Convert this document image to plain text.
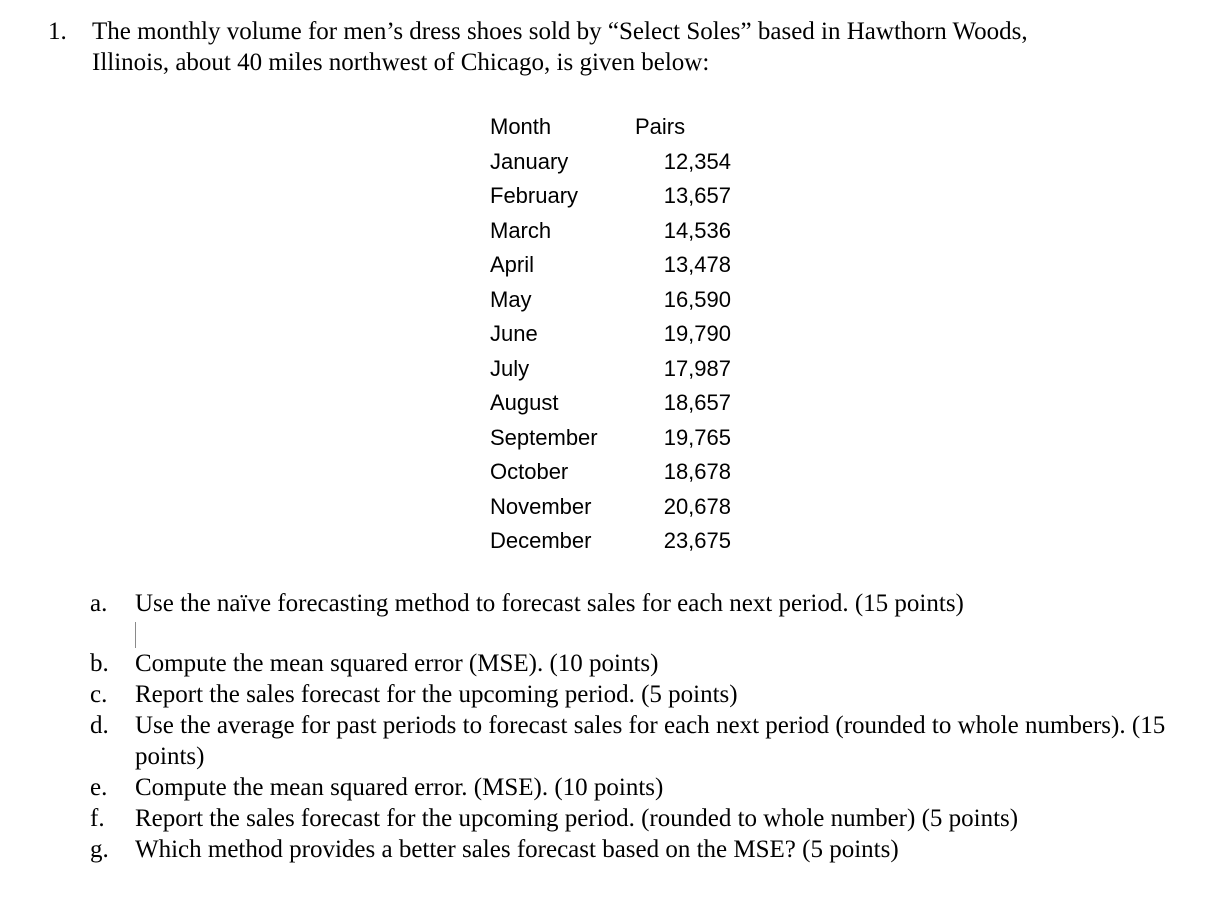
1. The monthly volume for men’s dress shoes sold by “Select Soles” based in Hawthorn Woods,
Illinois, about 40 miles northwest of Chicago, is given below:
Month	Pairs
January	12,354
February	13,657
March	14,536
April	13,478
May	16,590
June	19,790
July	17,987
August	18,657
September	19,765
October	18,678
November	20,678
December	23,675
a. Use the naïve forecasting method to forecast sales for each next period. (15 points)
b. Compute the mean squared error (MSE). (10 points)
c. Report the sales forecast for the upcoming period. (5 points)
d. Use the average for past periods to forecast sales for each next period (rounded to whole numbers). (15 points)
e. Compute the mean squared error. (MSE). (10 points)
f. Report the sales forecast for the upcoming period. (rounded to whole number) (5 points)
g. Which method provides a better sales forecast based on the MSE? (5 points)
